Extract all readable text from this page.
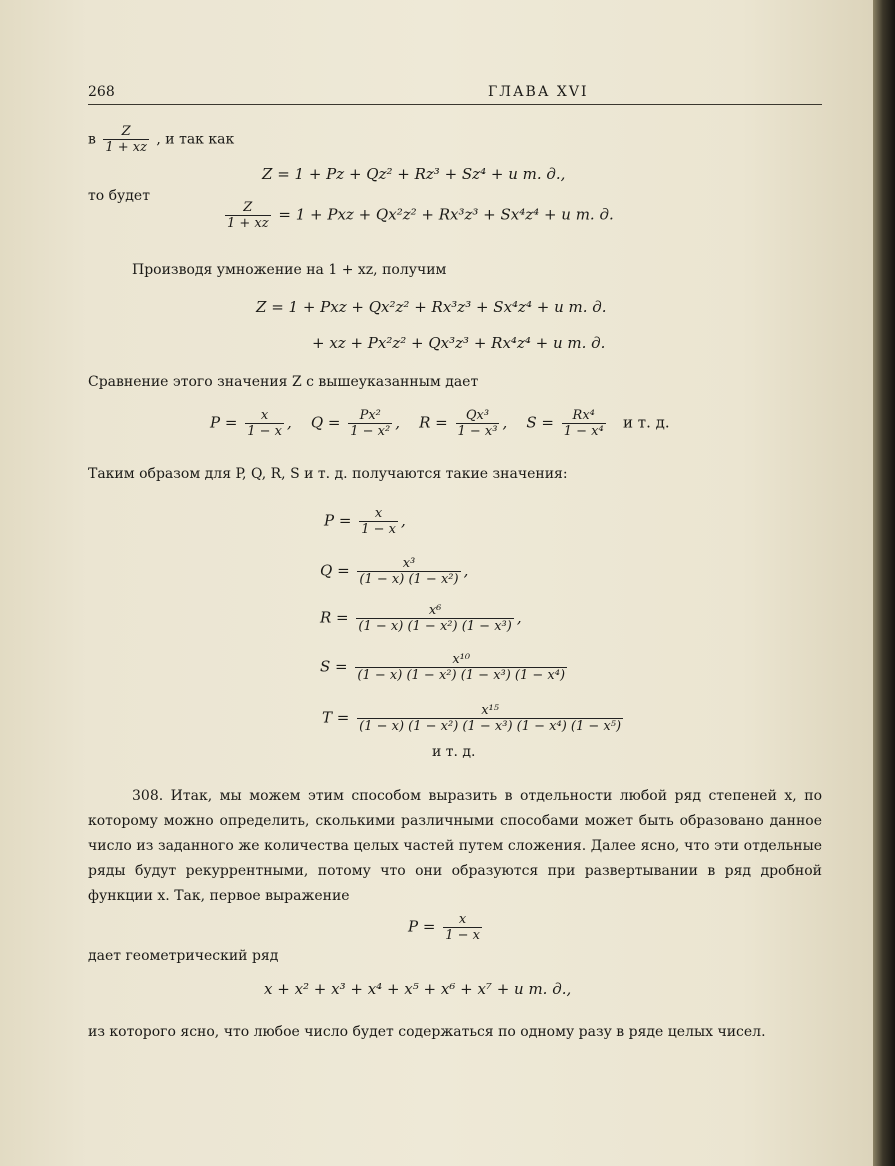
268	ГЛАВА XVI
в $\frac{Z}{1 + xz}$ , и так как
Z = 1 + Pz + Qz² + Rz³ + Sz⁴ + и т. д.,
то будет
$\frac{Z}{1 + xz} = 1$ + Pxz + Qx²z² + Rx³z³ + Sx⁴z⁴ + и т. д.
Производя умножение на 1 + xz, получим
Z = 1 + Pxz + Qx²z² + Rx³z³ + Sx⁴z⁴ + и т. д.
+ xz + Px²z² + Qx³z³ + Rx⁴z⁴ + и т. д.
Сравнение этого значения Z с вышеуказанным дает
$P = \frac{x}{1 - x}$ ,    $Q = \frac{\text{Px²}}{\text{1 − x²}}$ ,    $R = \frac{\text{Qx³}}{\text{1 − x³}}$ ,    $S = \frac{\text{Rx⁴}}{\text{1 − x⁴}}$ и т. д.
Таким образом для P, Q, R, S и т. д. получаются такие значения:
$P = \frac{x}{1 - x}$ ,
$Q = \frac{\text{x³}}{\text{(1 − x) (1 − x²)}}$ ,
$R = \frac{\text{x⁶}}{\text{(1 − x) (1 − x²) (1 − x³)}}$ ,
$S = \frac{\text{x¹⁰}}{\text{(1 − x) (1 − x²) (1 − x³) (1 − x⁴)}}$
$T = \frac{\text{x¹⁵}}{\text{(1 − x) (1 − x²) (1 − x³) (1 − x⁴) (1 − x⁵)}}$
и т. д.

308. Итак, мы можем этим способом выразить в отдельности любой ряд степеней x, по которому можно определить, сколькими различными способами может быть образовано данное число из заданного же количества целых частей путем сложения. Далее ясно, что эти отдельные ряды будут рекуррентными, потому что они образуются при развертывании в ряд дробной функции x. Так, первое выражение

$P = \frac{x}{1 - x}$
дает геометрический ряд
x + x² + x³ + x⁴ + x⁵ + x⁶ + x⁷ + и т. д.,
из которого ясно, что любое число будет содержаться по одному разу в ряде целых чисел.
